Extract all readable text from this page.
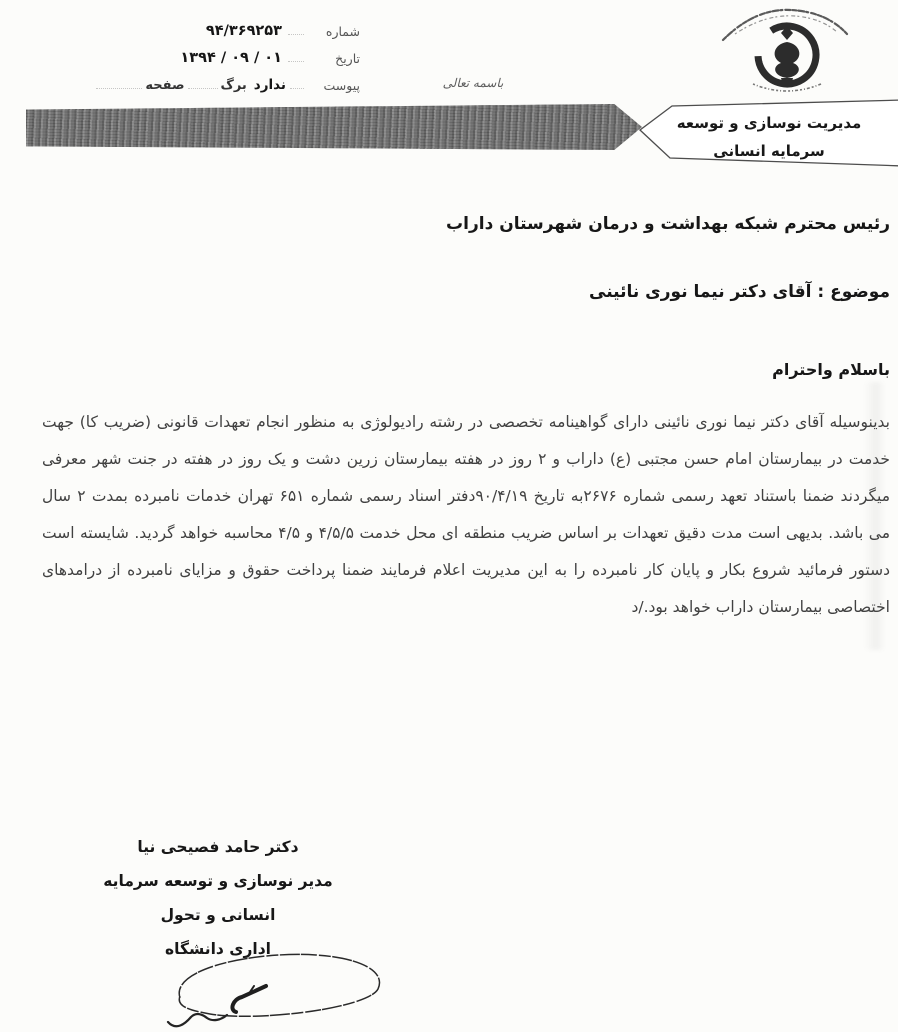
شماره
۹۴/۳۶۹۲۵۳
تاریخ
۱۳۹۴ / ۰۹ / ۰۱
پیوست
ندارد
برگ
صفحه	باسمه تعالی
مدیریت نوسازی و توسعه سرمایه انسانی
رئیس محترم شبکه بهداشت و درمان شهرستان داراب
موضوع : آقای دکتر نیما نوری نائینی
باسلام واحترام
بدینوسیله آقای دکتر نیما نوری نائینی دارای گواهینامه تخصصی در رشته رادیولوژی به منظور انجام تعهدات قانونی (ضریب کا) جهت خدمت در بیمارستان امام حسن مجتبی (ع) داراب و ۲ روز در هفته بیمارستان زرین دشت و یک روز در هفته در جنت شهر معرفی میگردند ضمنا باستناد تعهد رسمی شماره ۲۶۷۶به تاریخ ۹۰/۴/۱۹دفتر اسناد رسمی شماره ۶۵۱ تهران خدمات نامبرده بمدت ۲ سال می باشد. بدیهی است مدت دقیق تعهدات بر اساس ضریب منطقه ای محل خدمت ۴/۵/۵ و ۴/۵ محاسبه خواهد گردید. شایسته است دستور فرمائید شروع بکار و پایان کار نامبرده را به این مدیریت اعلام فرمایند ضمنا پرداخت حقوق و مزایای نامبرده از درامدهای اختصاصی بیمارستان داراب خواهد بود./د
دکتر حامد فصیحی نیا
مدیر نوسازی و توسعه سرمایه انسانی و تحول
اداری دانشگاه
